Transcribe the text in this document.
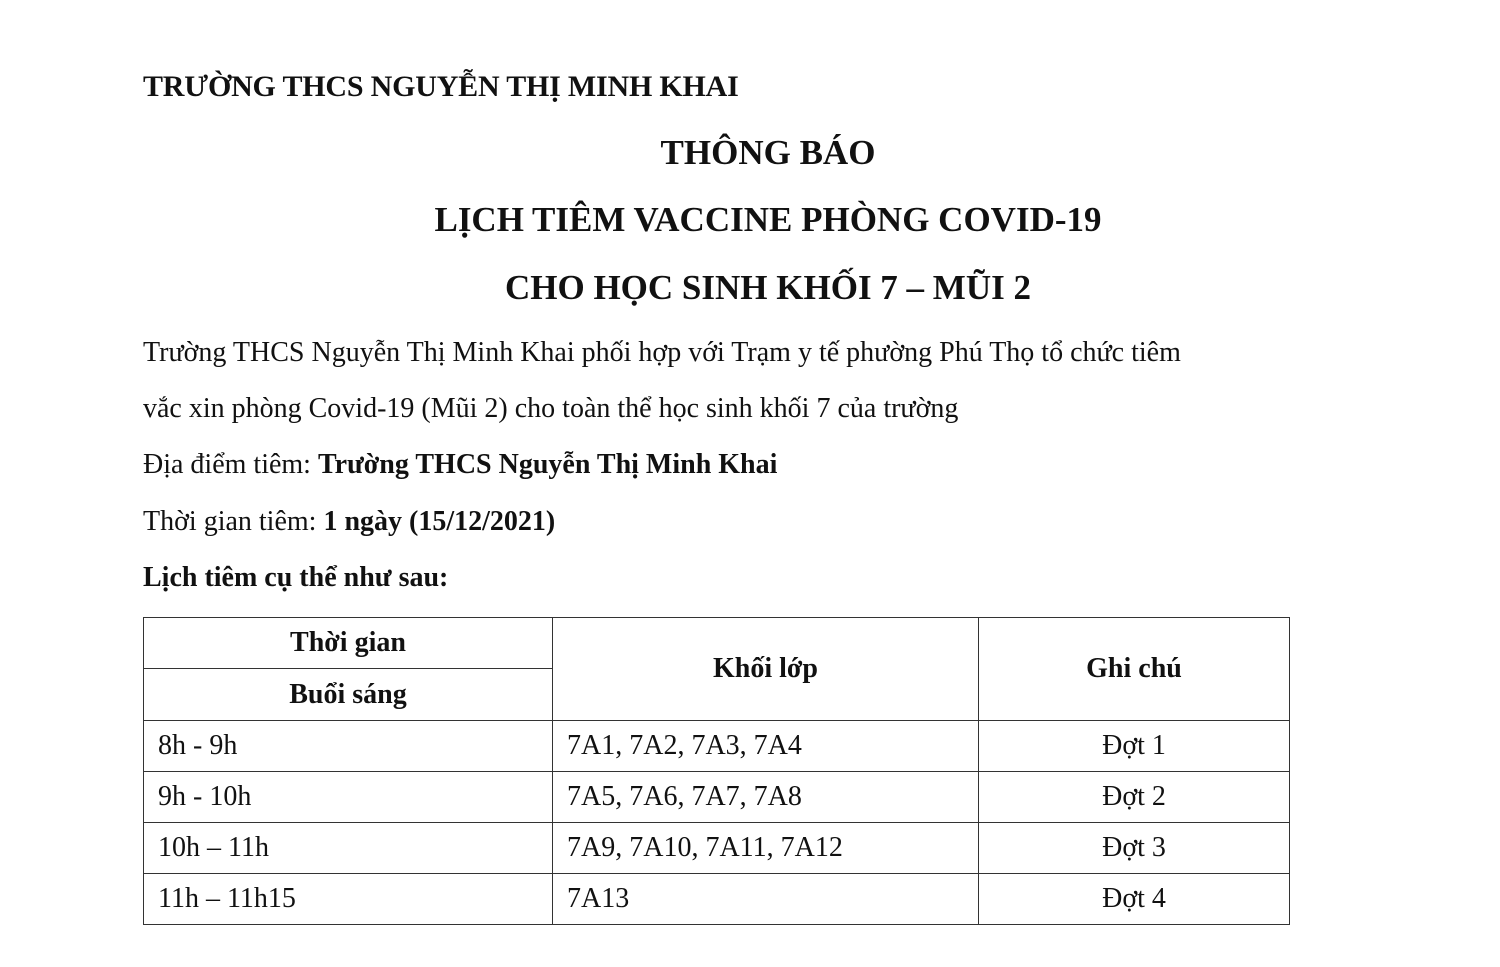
TRƯỜNG THCS NGUYỄN THỊ MINH KHAI
THÔNG BÁO
LỊCH TIÊM VACCINE PHÒNG COVID-19
CHO HỌC SINH KHỐI 7 – MŨI 2
Trường THCS Nguyễn Thị Minh Khai phối hợp với Trạm y tế phường Phú Thọ tổ chức tiêm
vắc xin phòng Covid-19 (Mũi 2) cho toàn thể học sinh khối 7 của trường
Địa điểm tiêm: Trường THCS Nguyễn Thị Minh Khai
Thời gian tiêm: 1 ngày (15/12/2021)
Lịch tiêm cụ thể như sau:
Thời gian	Khối lớp	Ghi chú
Buổi sáng		
8h - 9h	7A1, 7A2, 7A3, 7A4	Đợt 1
9h - 10h	7A5, 7A6, 7A7, 7A8	Đợt 2
10h – 11h	7A9, 7A10, 7A11, 7A12	Đợt 3
11h – 11h15	7A13	Đợt 4
